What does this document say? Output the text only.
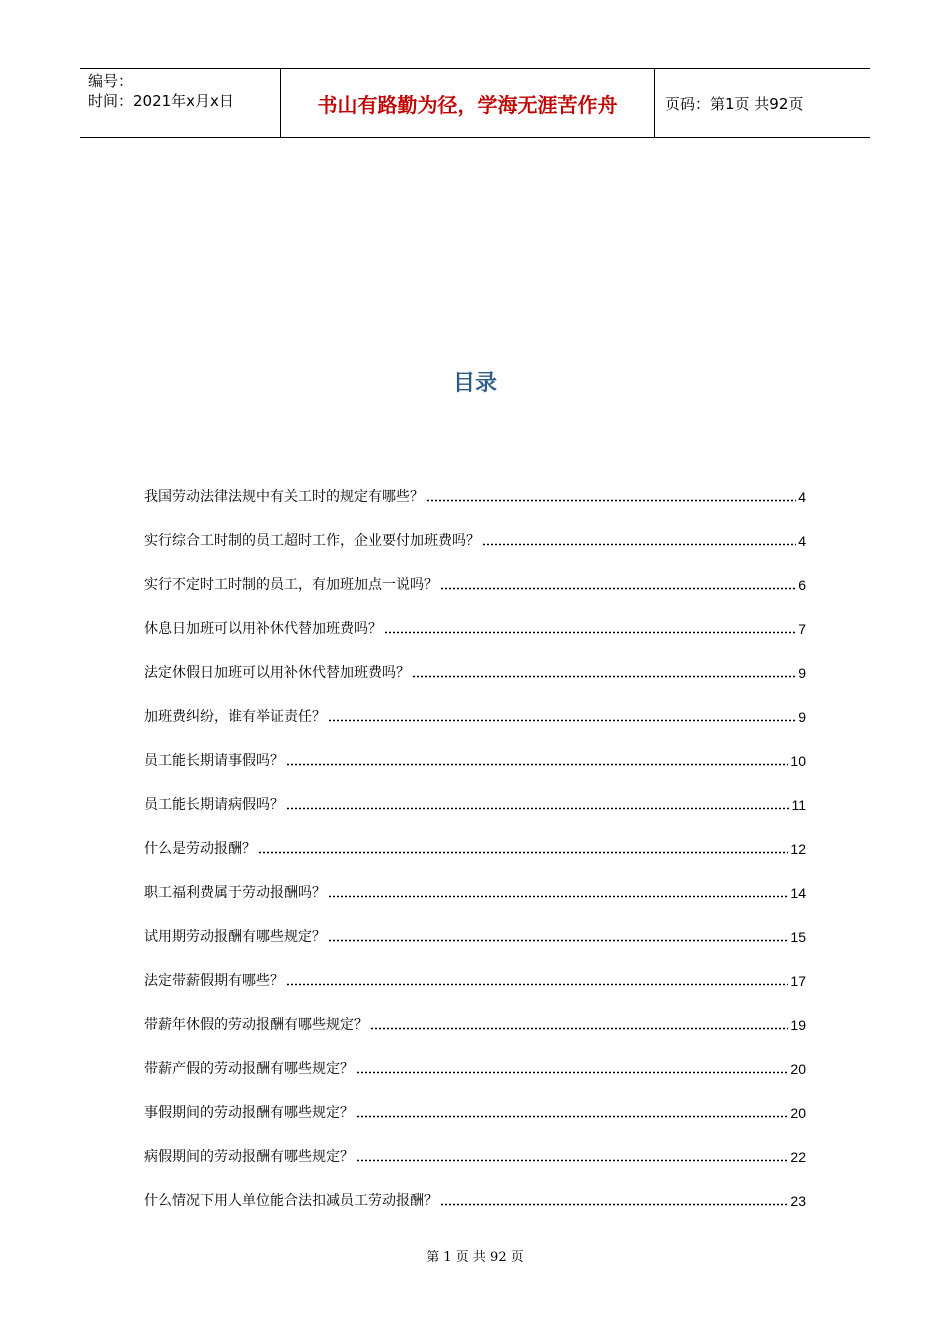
编号：
时间：2021年x月x日	书山有路勤为径，学海无涯苦作舟	页码：第1页 共92页
目录
我国劳动法律法规中有关工时的规定有哪些？	4
实行综合工时制的员工超时工作，企业要付加班费吗？	4
实行不定时工时制的员工，有加班加点一说吗？	6
休息日加班可以用补休代替加班费吗？	7
法定休假日加班可以用补休代替加班费吗？	9
加班费纠纷，谁有举证责任？	9
员工能长期请事假吗？	10
员工能长期请病假吗？	11
什么是劳动报酬？	12
职工福利费属于劳动报酬吗？	14
试用期劳动报酬有哪些规定？	15
法定带薪假期有哪些？	17
带薪年休假的劳动报酬有哪些规定？	19
带薪产假的劳动报酬有哪些规定？	20
事假期间的劳动报酬有哪些规定？	20
病假期间的劳动报酬有哪些规定？	22
什么情况下用人单位能合法扣减员工劳动报酬？	23
第 1 页 共 92 页
